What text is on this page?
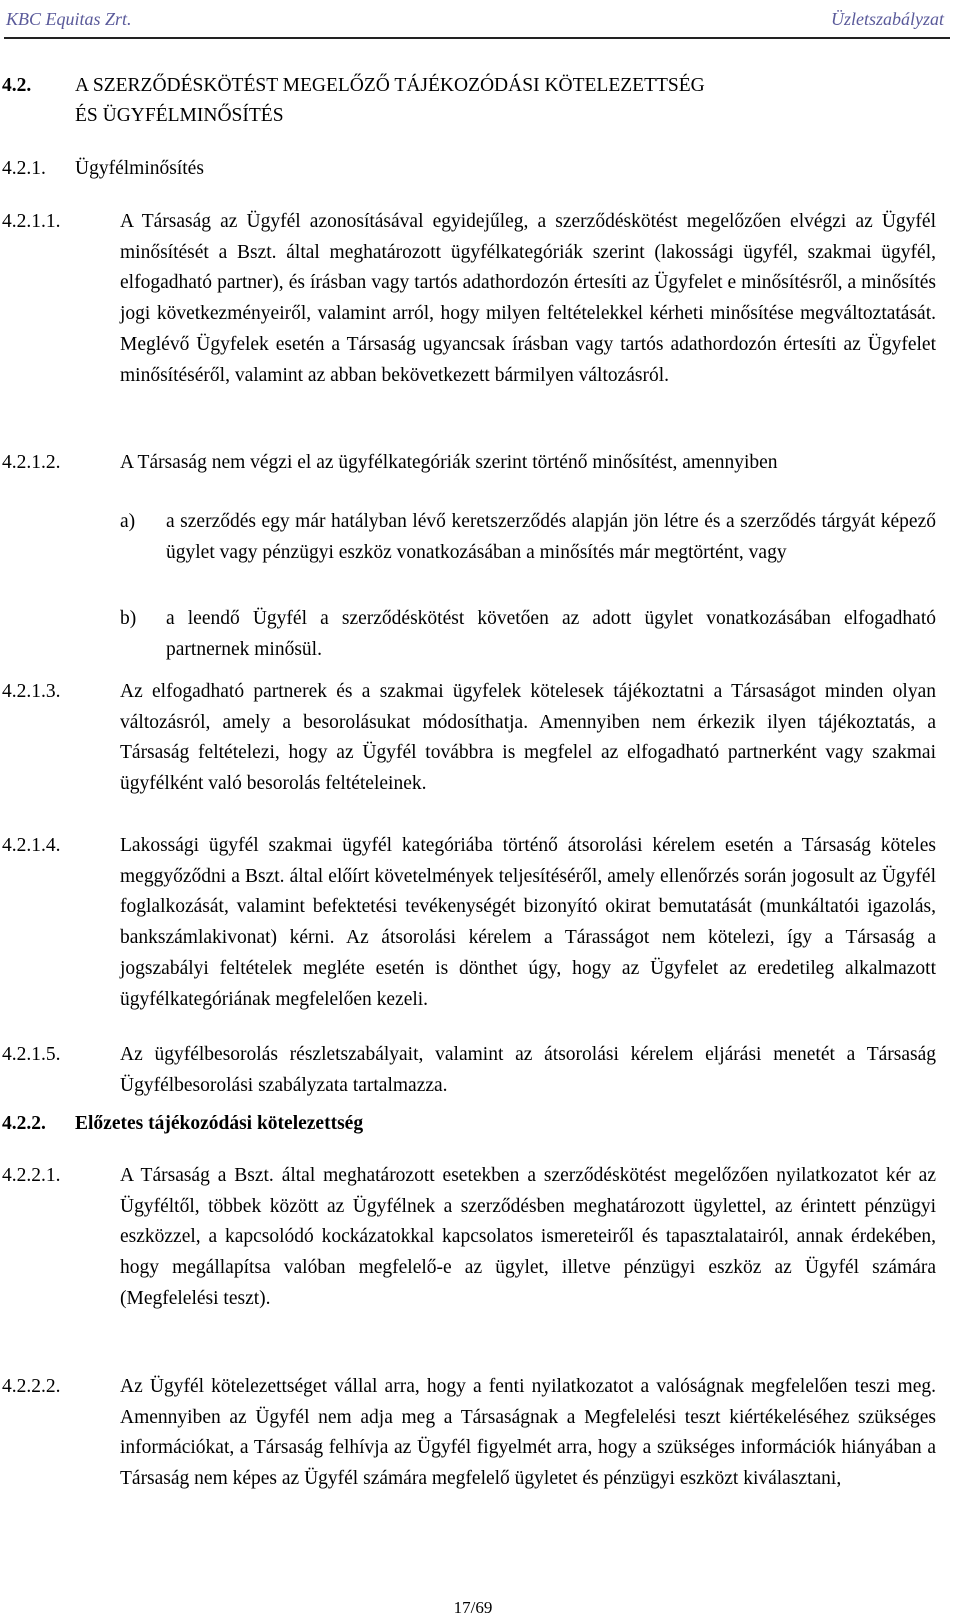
KBC Equitas Zrt.	Üzletszabályzat
4.2. A SZERZŐDÉSKÖTÉST MEGELŐZŐ TÁJÉKOZÓDÁSI KÖTELEZETTSÉG
ÉS ÜGYFÉLMINŐSÍTÉS
4.2.1. Ügyfélminősítés
4.2.1.1.	A Társaság az Ügyfél azonosításával egyidejűleg, a szerződéskötést megelőzően elvégzi az Ügyfél minősítését a Bszt. által meghatározott ügyfélkategóriák szerint (lakossági ügyfél, szakmai ügyfél, elfogadható partner), és írásban vagy tartós adathordozón értesíti az Ügyfelet e minősítésről, a minősítés jogi következményeiről, valamint arról, hogy milyen feltételekkel kérheti minősítése megváltoztatását. Meglévő Ügyfelek esetén a Társaság ugyancsak írásban vagy tartós adathordozón értesíti az Ügyfelet minősítéséről, valamint az abban bekövetkezett bármilyen változásról.
4.2.1.2.	A Társaság nem végzi el az ügyfélkategóriák szerint történő minősítést, amennyiben
a) a szerződés egy már hatályban lévő keretszerződés alapján jön létre és a szerződés tárgyát képező ügylet vagy pénzügyi eszköz vonatkozásában a minősítés már megtörtént, vagy
b) a leendő Ügyfél a szerződéskötést követően az adott ügylet vonatkozásában elfogadható partnernek minősül.
4.2.1.3.	Az elfogadható partnerek és a szakmai ügyfelek kötelesek tájékoztatni a Társaságot minden olyan változásról, amely a besorolásukat módosíthatja. Amennyiben nem érkezik ilyen tájékoztatás, a Társaság feltételezi, hogy az Ügyfél továbbra is megfelel az elfogadható partnerként vagy szakmai ügyfélként való besorolás feltételeinek.
4.2.1.4.	Lakossági ügyfél szakmai ügyfél kategóriába történő átsorolási kérelem esetén a Társaság köteles meggyőződni a Bszt. által előírt követelmények teljesítéséről, amely ellenőrzés során jogosult az Ügyfél foglalkozását, valamint befektetési tevékenységét bizonyító okirat bemutatását (munkáltatói igazolás, bankszámlakivonat) kérni. Az átsorolási kérelem a Tárasságot nem kötelezi, így a Társaság a jogszabályi feltételek megléte esetén is dönthet úgy, hogy az Ügyfelet az eredetileg alkalmazott ügyfélkategóriának megfelelően kezeli.
4.2.1.5.	Az ügyfélbesorolás részletszabályait, valamint az átsorolási kérelem eljárási menetét a Társaság Ügyfélbesorolási szabályzata tartalmazza.
4.2.2. Előzetes tájékozódási kötelezettség
4.2.2.1.	A Társaság a Bszt. által meghatározott esetekben a szerződéskötést megelőzően nyilatkozatot kér az Ügyféltől, többek között az Ügyfélnek a szerződésben meghatározott ügylettel, az érintett pénzügyi eszközzel, a kapcsolódó kockázatokkal kapcsolatos ismereteiről és tapasztalatairól, annak érdekében, hogy megállapítsa valóban megfelelő-e az ügylet, illetve pénzügyi eszköz az Ügyfél számára (Megfelelési teszt).
4.2.2.2.	Az Ügyfél kötelezettséget vállal arra, hogy a fenti nyilatkozatot a valóságnak megfelelően teszi meg. Amennyiben az Ügyfél nem adja meg a Társaságnak a Megfelelési teszt kiértékeléséhez szükséges információkat, a Társaság felhívja az Ügyfél figyelmét arra, hogy a szükséges információk hiányában a Társaság nem képes az Ügyfél számára megfelelő ügyletet és pénzügyi eszközt kiválasztani,
17/69
